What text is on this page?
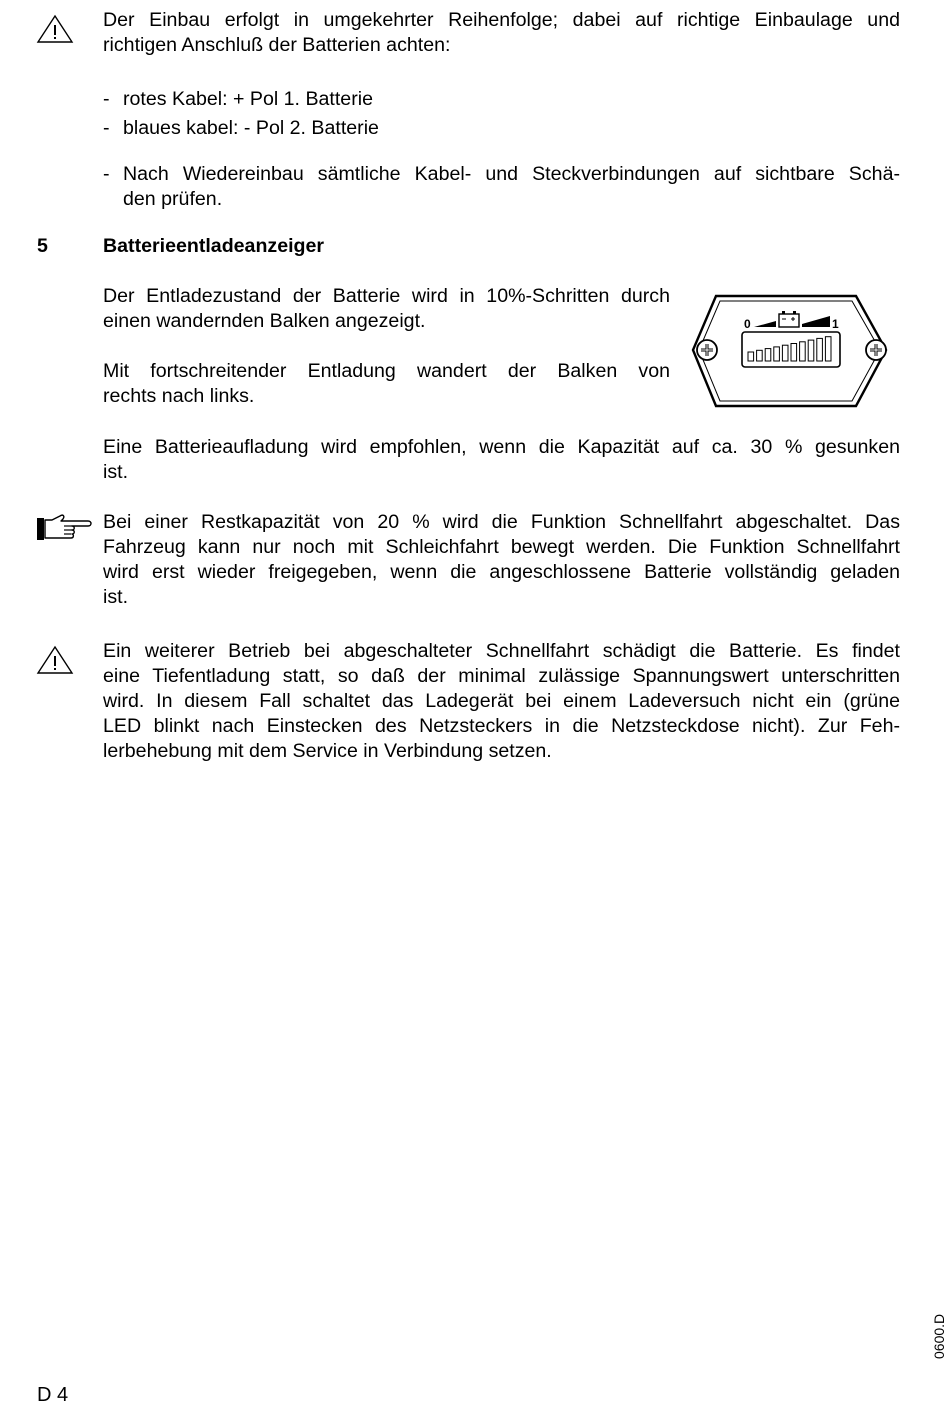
Der Einbau erfolgt in umgekehrter Reihenfolge; dabei auf richtige Einbaulage und
richtigen Anschluß der Batterien achten:
- rotes Kabel: + Pol 1. Batterie
- blaues kabel: - Pol 2. Batterie
- Nach Wiedereinbau sämtliche Kabel- und Steckverbindungen auf sichtbare Schä-
den prüfen.
5	Batterieentladeanzeiger
Der Entladezustand der Batterie wird in 10%-Schritten durch
einen wandernden Balken angezeigt.
Mit fortschreitender Entladung wandert der Balken von
rechts nach links.
0	1
Eine Batterieaufladung wird empfohlen, wenn die Kapazität auf ca. 30 % gesunken
ist.
Bei einer Restkapazität von 20 % wird die Funktion Schnellfahrt abgeschaltet. Das
Fahrzeug kann nur noch mit Schleichfahrt bewegt werden. Die Funktion Schnellfahrt
wird erst wieder freigegeben, wenn die angeschlossene Batterie vollständig geladen
ist.
Ein weiterer Betrieb bei abgeschalteter Schnellfahrt schädigt die Batterie. Es findet
eine Tiefentladung statt, so daß der minimal zulässige Spannungswert unterschritten
wird. In diesem Fall schaltet das Ladegerät bei einem Ladeversuch nicht ein (grüne
LED blinkt nach Einstecken des Netzsteckers in die Netzsteckdose nicht). Zur Feh-
lerbehebung mit dem Service in Verbindung setzen.
D 4
0600.D
